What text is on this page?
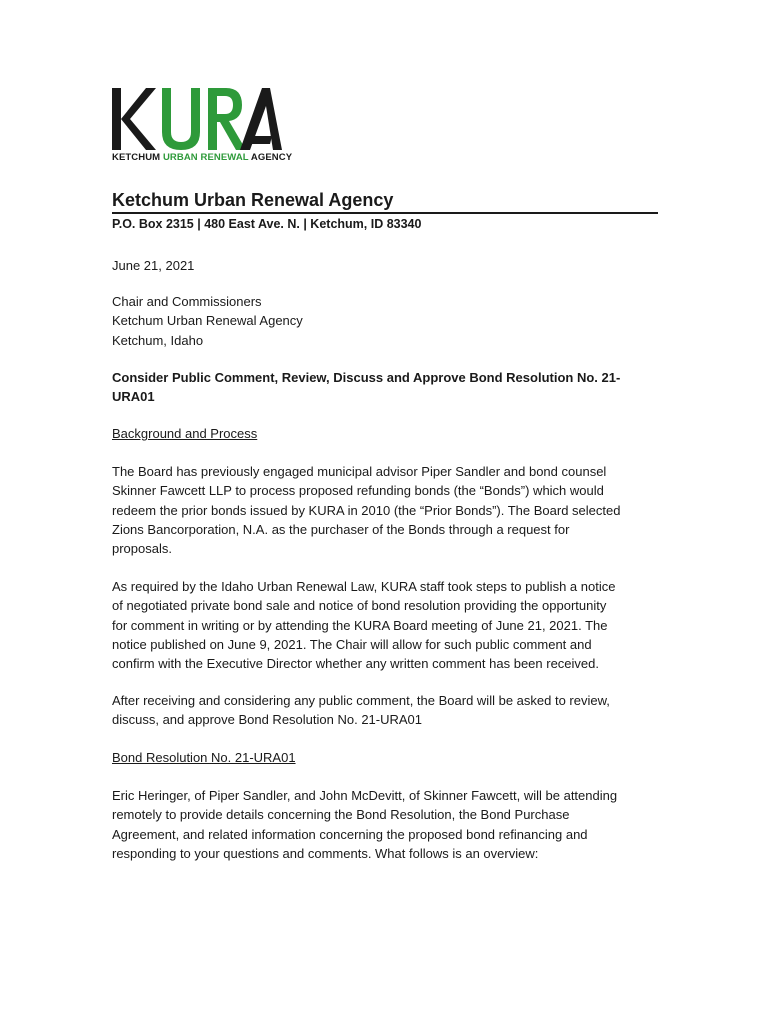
KETCHUM URBAN RENEWAL AGENCY
Ketchum Urban Renewal Agency
P.O. Box 2315 | 480 East Ave. N. | Ketchum, ID 83340
June 21, 2021
Chair and Commissioners
Ketchum Urban Renewal Agency
Ketchum, Idaho
Consider Public Comment, Review, Discuss and Approve Bond Resolution No. 21-
URA01
Background and Process
The Board has previously engaged municipal advisor Piper Sandler and bond counsel
Skinner Fawcett LLP to process proposed refunding bonds (the “Bonds”) which would
redeem the prior bonds issued by KURA in 2010 (the “Prior Bonds”). The Board selected
Zions Bancorporation, N.A. as the purchaser of the Bonds through a request for
proposals.
As required by the Idaho Urban Renewal Law, KURA staff took steps to publish a notice
of negotiated private bond sale and notice of bond resolution providing the opportunity
for comment in writing or by attending the KURA Board meeting of June 21, 2021. The
notice published on June 9, 2021. The Chair will allow for such public comment and
confirm with the Executive Director whether any written comment has been received.
After receiving and considering any public comment, the Board will be asked to review,
discuss, and approve Bond Resolution No. 21-URA01
Bond Resolution No. 21-URA01
Eric Heringer, of Piper Sandler, and John McDevitt, of Skinner Fawcett, will be attending
remotely to provide details concerning the Bond Resolution, the Bond Purchase
Agreement, and related information concerning the proposed bond refinancing and
responding to your questions and comments. What follows is an overview:
